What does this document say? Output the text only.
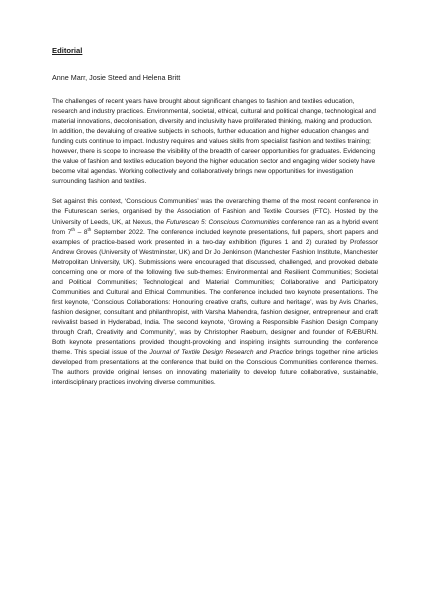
Editorial
Anne Marr, Josie Steed and Helena Britt

The challenges of recent years have brought about significant changes to fashion and textiles education, research and industry practices. Environmental, societal, ethical, cultural and political change, technological and material innovations, decolonisation, diversity and inclusivity have proliferated thinking, making and production. In addition, the devaluing of creative subjects in schools, further education and higher education changes and funding cuts continue to impact. Industry requires and values skills from specialist fashion and textiles training; however, there is scope to increase the visibility of the breadth of career opportunities for graduates. Evidencing the value of fashion and textiles education beyond the higher education sector and engaging wider society have become vital agendas. Working collectively and collaboratively brings new opportunities for investigation surrounding fashion and textiles.

Set against this context, ‘Conscious Communities’ was the overarching theme of the most recent conference in the Futurescan series, organised by the Association of Fashion and Textile Courses (FTC). Hosted by the University of Leeds, UK, at Nexus, the Futurescan 5: Conscious Communities conference ran as a hybrid event from 7th – 8th September 2022. The conference included keynote presentations, full papers, short papers and examples of practice-based work presented in a two-day exhibition (figures 1 and 2) curated by Professor Andrew Groves (University of Westminster, UK) and Dr Jo Jenkinson (Manchester Fashion Institute, Manchester Metropolitan University, UK). Submissions were encouraged that discussed, challenged, and provoked debate concerning one or more of the following five sub-themes: Environmental and Resilient Communities; Societal and Political Communities; Technological and Material Communities; Collaborative and Participatory Communities and Cultural and Ethical Communities. The conference included two keynote presentations. The first keynote, ‘Conscious Collaborations: Honouring creative crafts, culture and heritage’, was by Avis Charles, fashion designer, consultant and philanthropist, with Varsha Mahendra, fashion designer, entrepreneur and craft revivalist based in Hyderabad, India. The second keynote, ‘Growing a Responsible Fashion Design Company through Craft, Creativity and Community’, was by Christopher Raeburn, designer and founder of RÆBURN. Both keynote presentations provided thought-provoking and inspiring insights surrounding the conference theme. This special issue of the Journal of Textile Design Research and Practice brings together nine articles developed from presentations at the conference that build on the Conscious Communities conference themes. The authors provide original lenses on innovating materiality to develop future collaborative, sustainable, interdisciplinary practices involving diverse communities.
